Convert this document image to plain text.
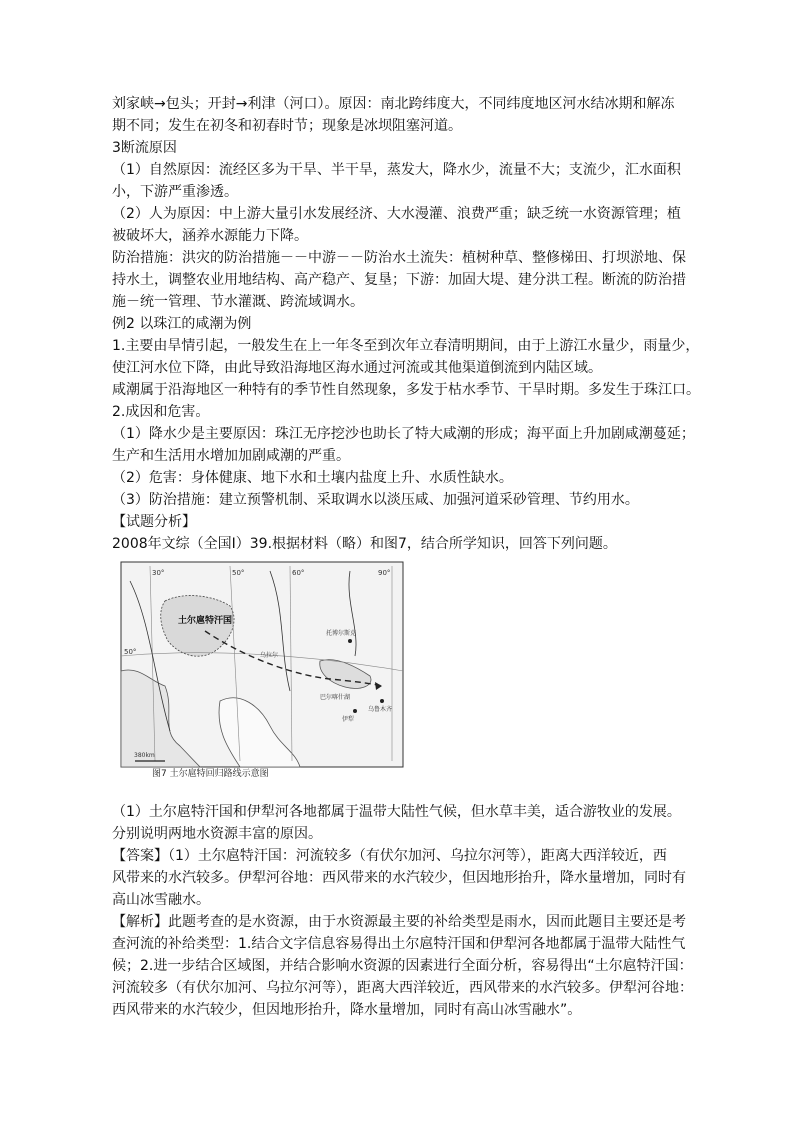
刘家峡→包头；开封→利津（河口）。原因：南北跨纬度大，不同纬度地区河水结冰期和解冻
期不同；发生在初冬和初春时节；现象是冰坝阻塞河道。
3断流原因
（1）自然原因：流经区多为干旱、半干旱，蒸发大，降水少，流量不大；支流少，汇水面积
小，下游严重渗透。
（2）人为原因：中上游大量引水发展经济、大水漫灌、浪费严重；缺乏统一水资源管理；植
被破坏大，涵养水源能力下降。
防治措施：洪灾的防治措施－－中游－－防治水土流失：植树种草、整修梯田、打坝淤地、保
持水土，调整农业用地结构、高产稳产、复垦；下游：加固大堤、建分洪工程。断流的防治措
施－统一管理、节水灌溉、跨流域调水。
例2 以珠江的咸潮为例
1.主要由旱情引起，一般发生在上一年冬至到次年立春清明期间，由于上游江水量少，雨量少，
使江河水位下降，由此导致沿海地区海水通过河流或其他渠道倒流到内陆区域。
咸潮属于沿海地区一种特有的季节性自然现象，多发于枯水季节、干旱时期。多发生于珠江口。
2.成因和危害。
（1）降水少是主要原因：珠江无序挖沙也助长了特大咸潮的形成；海平面上升加剧咸潮蔓延；
生产和生活用水增加加剧咸潮的严重。
（2）危害：身体健康、地下水和土壤内盐度上升、水质性缺水。
（3）防治措施：建立预警机制、采取调水以淡压咸、加强河道采砂管理、节约用水。
【试题分析】
2008年文综（全国Ⅰ）39.根据材料（略）和图7，结合所学知识，回答下列问题。
30°	50°	60°	90°
50°
土尔扈特汗国
乌拉尔
托博尔斯克
伊犁
乌鲁木齐
巴尔喀什湖
380km
图7 土尔扈特回归路线示意图
（1）土尔扈特汗国和伊犁河各地都属于温带大陆性气候，但水草丰美，适合游牧业的发展。
分别说明两地水资源丰富的原因。
【答案】（1）土尔扈特汗国：河流较多（有伏尔加河、乌拉尔河等），距离大西洋较近，西
风带来的水汽较多。伊犁河谷地：西风带来的水汽较少，但因地形抬升，降水量增加，同时有
高山冰雪融水。
【解析】此题考查的是水资源，由于水资源最主要的补给类型是雨水，因而此题目主要还是考
查河流的补给类型：1.结合文字信息容易得出土尔扈特汗国和伊犁河各地都属于温带大陆性气
候；2.进一步结合区域图，并结合影响水资源的因素进行全面分析，容易得出“土尔扈特汗国：
河流较多（有伏尔加河、乌拉尔河等），距离大西洋较近，西风带来的水汽较多。伊犁河谷地：
西风带来的水汽较少，但因地形抬升，降水量增加，同时有高山冰雪融水”。
